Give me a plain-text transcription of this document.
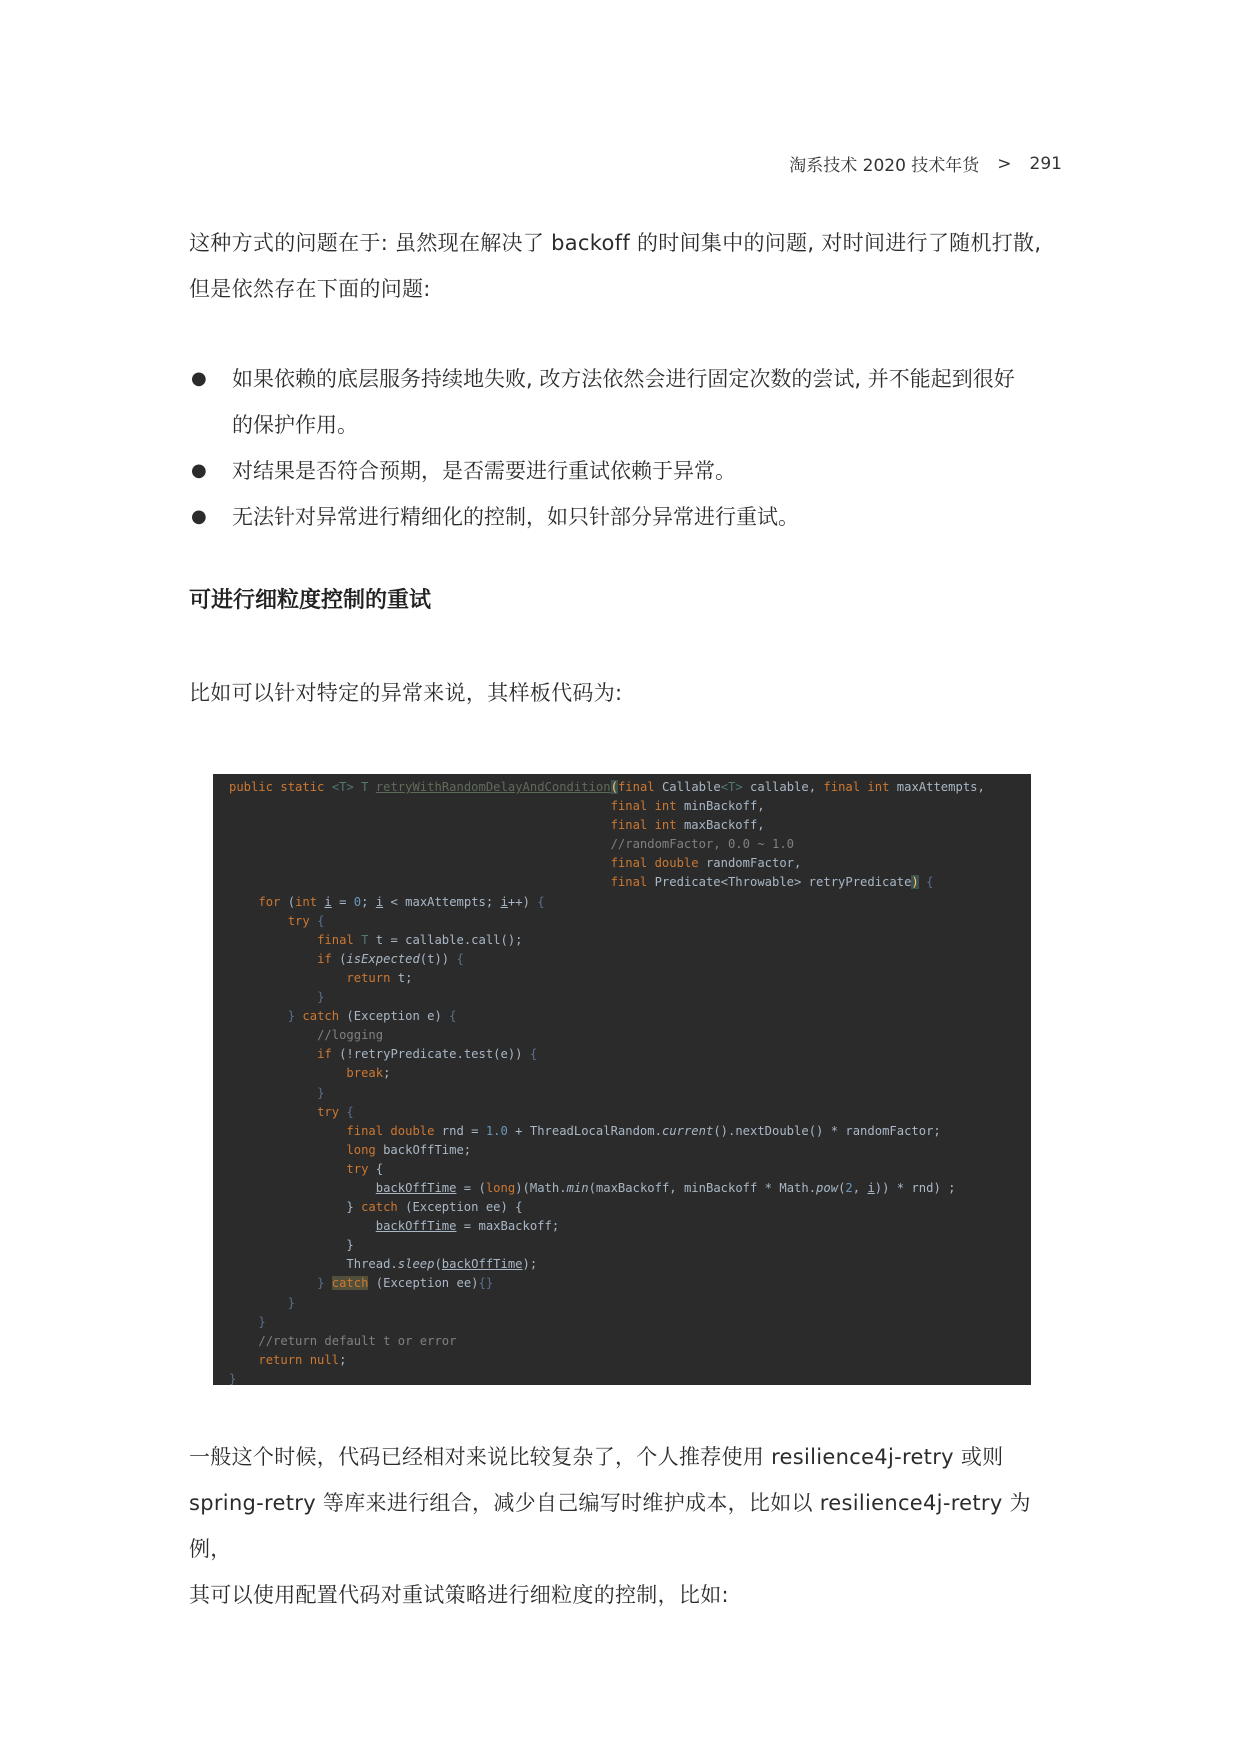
淘系技术 2020 技术年货 > 291

这种方式的问题在于: 虽然现在解决了 backoff 的时间集中的问题, 对时间进行了随机打散,
但是依然存在下面的问题:

● 如果依赖的底层服务持续地失败, 改方法依然会进行固定次数的尝试, 并不能起到很好
的保护作用。
● 对结果是否符合预期，是否需要进行重试依赖于异常。
● 无法针对异常进行精细化的控制，如只针部分异常进行重试。
可进行细粒度控制的重试

比如可以针对特定的异常来说，其样板代码为:

public static <T> T retryWithRandomDelayAndCondition(final Callable<T> callable, final int maxAttempts,
final int minBackoff,
final int maxBackoff,
//randomFactor, 0.0 ~ 1.0
final double randomFactor,
final Predicate<Throwable> retryPredicate) {
for (int i = 0; i < maxAttempts; i++) {
try {
final T t = callable.call();
if (isExpected(t)) {
return t;
}
} catch (Exception e) {
//logging
if (!retryPredicate.test(e)) {
break;
}
try {
final double rnd = 1.0 + ThreadLocalRandom.current().nextDouble() * randomFactor;
long backOffTime;
try {
backOffTime = (long)(Math.min(maxBackoff, minBackoff * Math.pow(2, i)) * rnd) ;
} catch (Exception ee) {
backOffTime = maxBackoff;
}
Thread.sleep(backOffTime);
} catch (Exception ee){}
}
}
//return default t or error
return null;
}

一般这个时候，代码已经相对来说比较复杂了，个人推荐使用 resilience4j-retry 或则
spring-retry 等库来进行组合，减少自己编写时维护成本，比如以 resilience4j-retry 为例，
其可以使用配置代码对重试策略进行细粒度的控制，比如:
